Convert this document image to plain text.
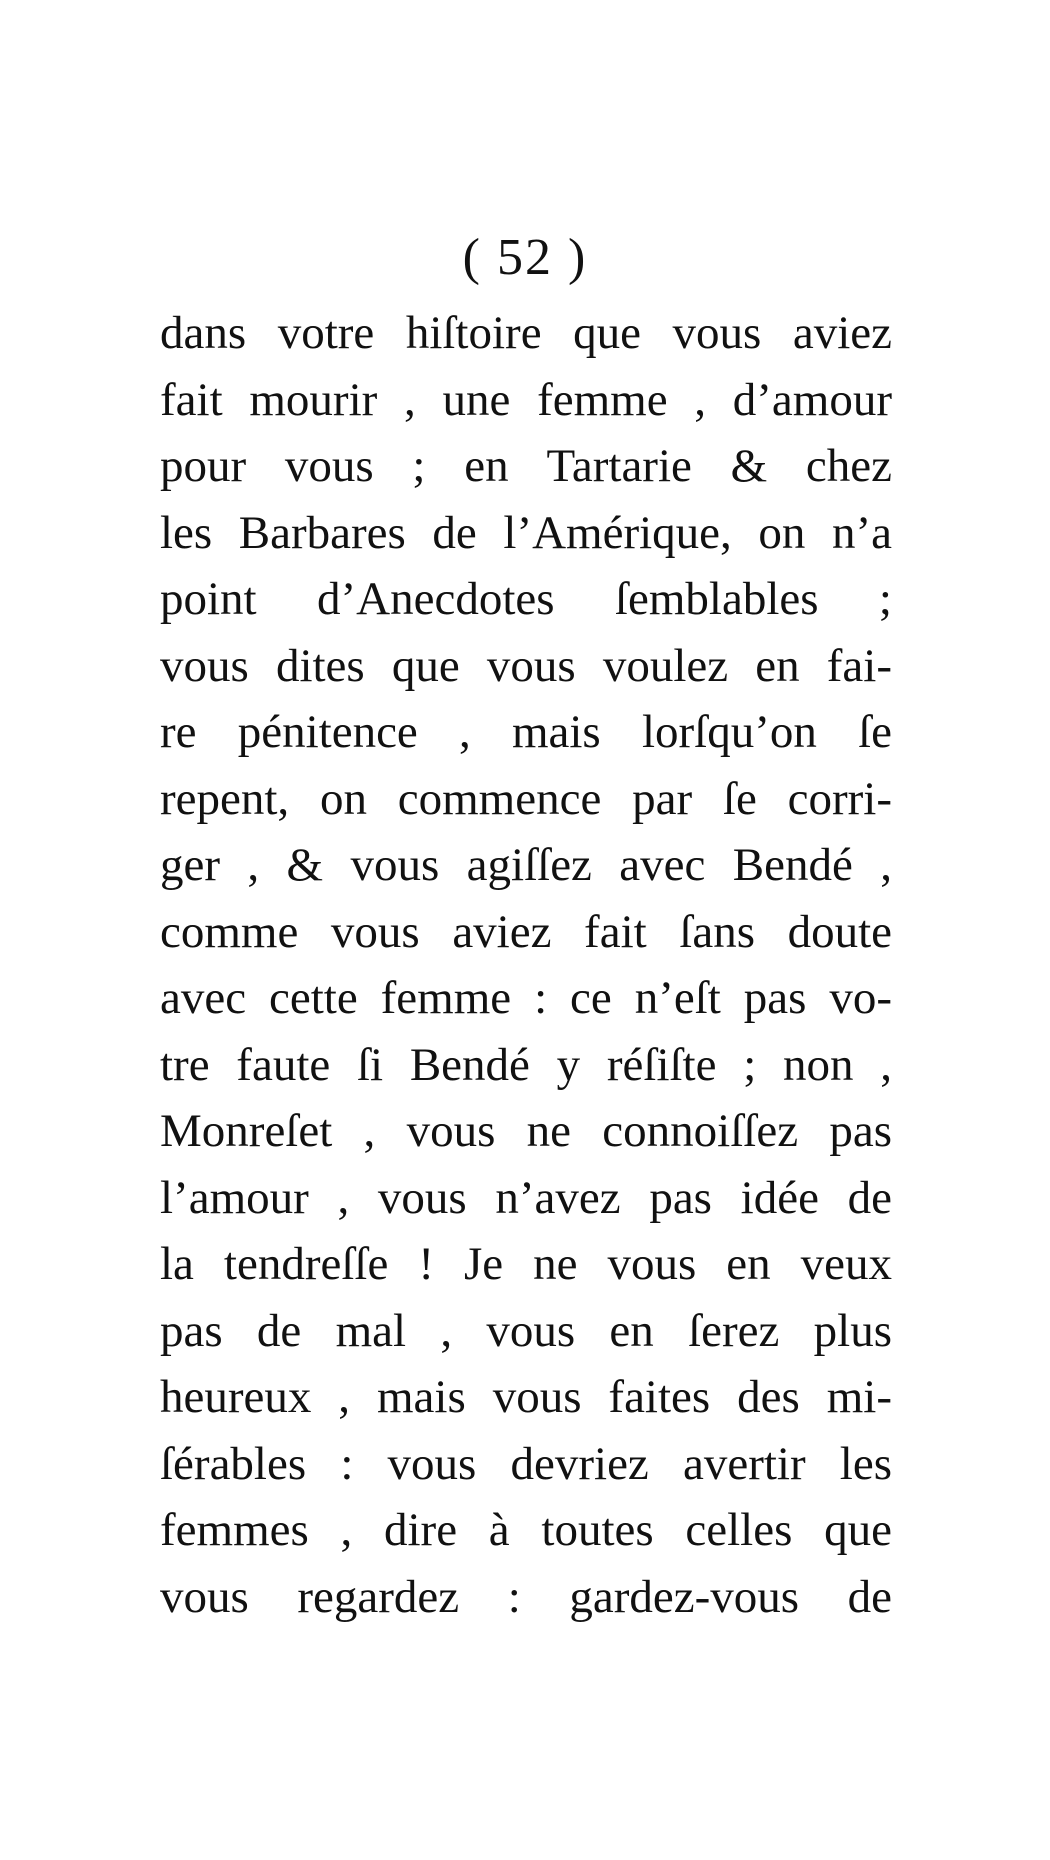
( 52 )
dans votre hiſtoire que vous aviez
fait mourir , une femme , d’amour
pour vous ; en Tartarie & chez
les Barbares de l’Amérique, on n’a
point d’Anecdotes ſemblables ;
vous dites que vous voulez en fai-
re pénitence , mais lorſqu’on ſe
repent, on commence par ſe corri-
ger , & vous agiſſez avec Bendé ,
comme vous aviez fait ſans doute
avec cette femme : ce n’eſt pas vo-
tre faute ſi Bendé y réſiſte ; non ,
Monreſet , vous ne connoiſſez pas
l’amour , vous n’avez pas idée de
la tendreſſe ! Je ne vous en veux
pas de mal , vous en ſerez plus
heureux , mais vous faites des mi-
ſérables : vous devriez avertir les
femmes , dire à toutes celles que
vous regardez : gardez-vous de
